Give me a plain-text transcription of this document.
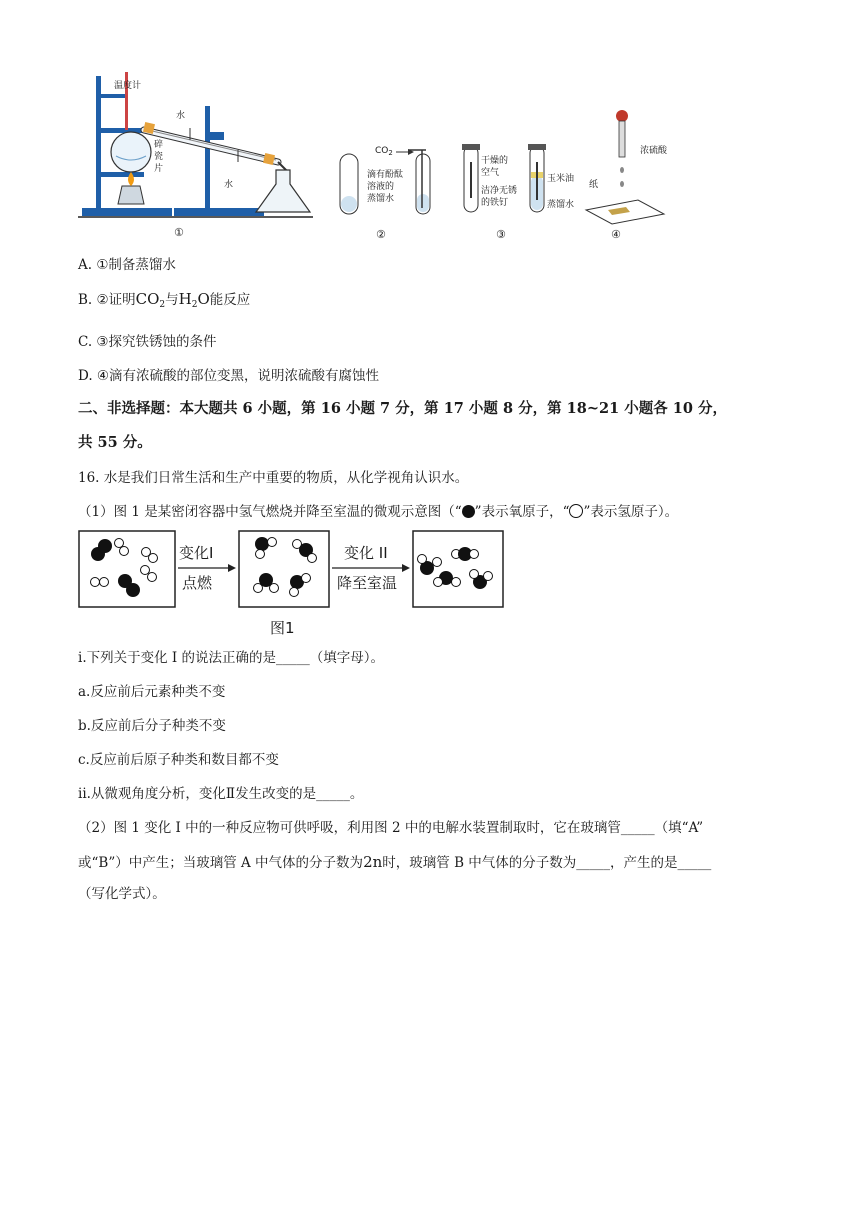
温度计
水
碎
瓷
片
水
$CO_2$
滴有酚酞
溶液的
蒸馏水
干燥的
空气
洁净无锈
的铁钉
玉米油
蒸馏水
浓硫酸
纸
①	②	③	④
A. ①制备蒸馏水
B. ②证明$CO_2$与$H_2O$能反应
C. ③探究铁锈蚀的条件
D. ④滴有浓硫酸的部位变黑，说明浓硫酸有腐蚀性
二、非选择题：本大题共 6 小题，第 16 小题 7 分，第 17 小题 8 分，第 18~21 小题各 10 分，
共 55 分。
16. 水是我们日常生活和生产中重要的物质，从化学视角认识水。
（1）图 1 是某密闭容器中氢气燃烧并降至室温的微观示意图（“ ”表示氧原子，“ ”表示氢原子）。
变化I
点燃
变化 II
降至室温
图1
i.下列关于变化 I 的说法正确的是_____（填字母）。
a.反应前后元素种类不变
b.反应前后分子种类不变
c.反应前后原子种类和数目都不变
ii.从微观角度分析，变化Ⅱ发生改变的是_____。
（2）图 1 变化 I 中的一种反应物可供呼吸，利用图 2 中的电解水装置制取时，它在玻璃管_____（填“A”
或“B”）中产生；当玻璃管 A 中气体的分子数为2n时，玻璃管 B 中气体的分子数为_____，产生的是_____
（写化学式）。
